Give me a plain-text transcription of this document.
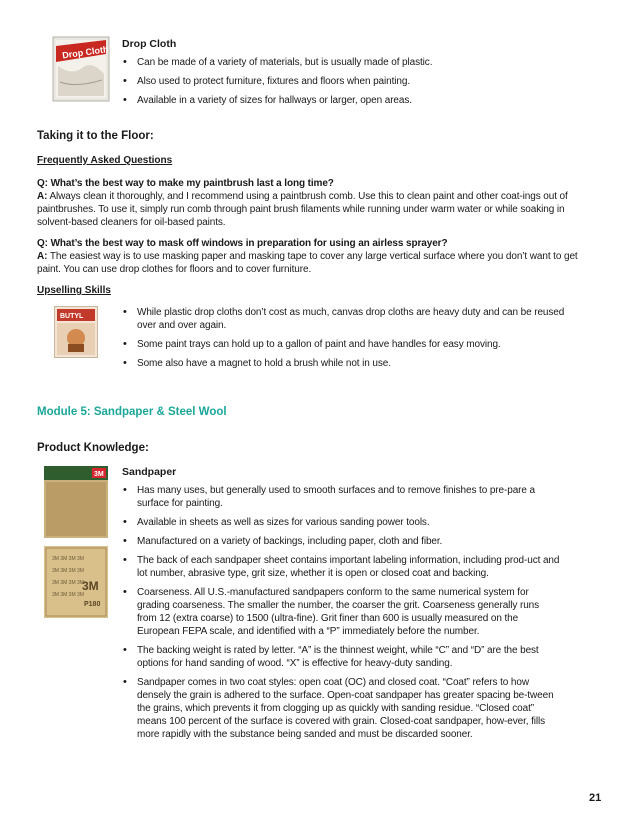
Drop Cloth
Drop Cloth
• Can be made of a variety of materials, but is usually made of plastic.
• Also used to protect furniture, fixtures and floors when painting.
• Available in a variety of sizes for hallways or larger, open areas.
Taking it to the Floor:
Frequently Asked Questions
Q: What’s the best way to make my paintbrush last a long time?
A: Always clean it thoroughly, and I recommend using a paintbrush comb. Use this to clean paint and other coat-ings out of paintbrushes. To use it, simply run comb through paint brush filaments while running under warm water or while soaking in solvent-based cleaners for oil-based paints.
Q: What’s the best way to mask off windows in preparation for using an airless sprayer?
A: The easiest way is to use masking paper and masking tape to cover any large vertical surface where you don’t want to get paint. You can use drop clothes for floors and to cover furniture.
Upselling Skills
BUTYL
•	While plastic drop cloths don’t cost as much, canvas drop cloths are heavy duty and can be reused over and over again.
• Some paint trays can hold up to a gallon of paint and have handles for easy moving.
• Some also have a magnet to hold a brush while not in use.
Module 5: Sandpaper & Steel Wool
Product Knowledge:
3M
3M 3M 3M 3M
3M 3M 3M 3M
3M 3M 3M 3M
3M 3M 3M 3M
3M
P180
Sandpaper
• Has many uses, but generally used to smooth surfaces and to remove finishes to pre-pare a surface for painting.
• Available in sheets as well as sizes for various sanding power tools.
• Manufactured on a variety of backings, including paper, cloth and fiber.
• The back of each sandpaper sheet contains important labeling information, including prod-uct and lot number, abrasive type, grit size, whether it is open or closed coat and backing.
• Coarseness. All U.S.-manufactured sandpapers conform to the same numerical system for grading coarseness. The smaller the number, the coarser the grit. Coarseness generally runs from 12 (extra coarse) to 1500 (ultra-fine). Grit finer than 600 is usually measured on the European FEPA scale, and identified with a “P” immediately before the number.
• The backing weight is rated by letter. “A” is the thinnest weight, while “C” and “D” are the best options for hand sanding of wood. “X” is effective for heavy-duty sanding.
• Sandpaper comes in two coat styles: open coat (OC) and closed coat. “Coat” refers to how densely the grain is adhered to the surface. Open-coat sandpaper has greater spacing be-tween the grains, which prevents it from clogging up as quickly with sanding residue. “Closed coat” means 100 percent of the surface is covered with grain. Closed-coat sandpaper, how-ever, fills more rapidly with the substance being sanded and must be discarded sooner.
21
